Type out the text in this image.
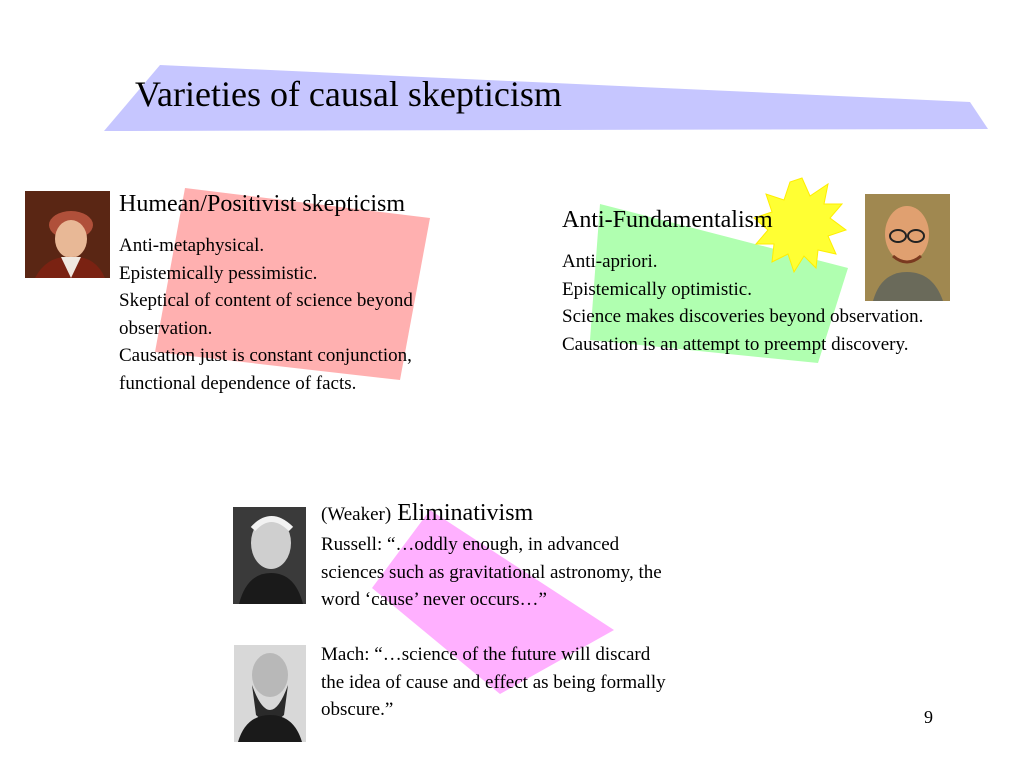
Varieties of causal skepticism
Humean/Positivist skepticism
Anti-metaphysical.
Epistemically pessimistic.
Skeptical of content of science beyond
observation.
Causation just is constant conjunction,
functional dependence of facts.
Anti-Fundamentalism
Anti-apriori.
Epistemically optimistic.
Science makes discoveries beyond observation.
Causation is an attempt to preempt discovery.
(Weaker) Eliminativism
Russell: “…oddly enough, in advanced
sciences such as gravitational astronomy, the
word ‘cause’ never occurs…”
Mach: “…science of the future will discard
the idea of cause and effect as being formally
obscure.”	9
